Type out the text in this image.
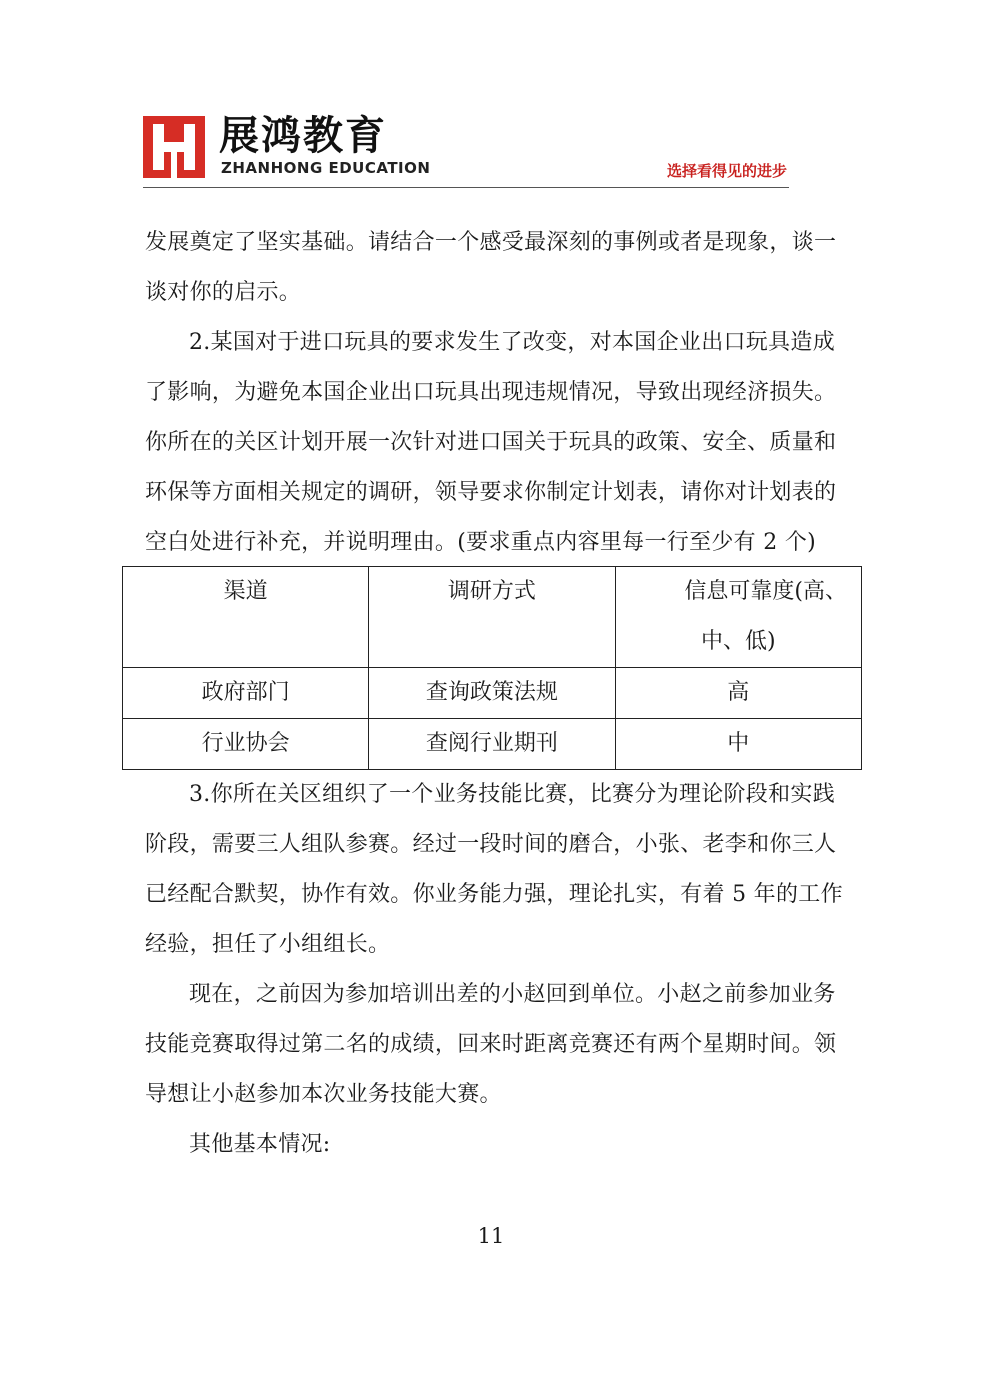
展鸿教育
ZHANHONG EDUCATION	选择看得见的进步
发展奠定了坚实基础。请结合一个感受最深刻的事例或者是现象，谈一
谈对你的启示。
2.某国对于进口玩具的要求发生了改变，对本国企业出口玩具造成
了影响，为避免本国企业出口玩具出现违规情况，导致出现经济损失。
你所在的关区计划开展一次针对进口国关于玩具的政策、安全、质量和
环保等方面相关规定的调研，领导要求你制定计划表，请你对计划表的
空白处进行补充，并说明理由。(要求重点内容里每一行至少有 2 个)
渠道	调研方式	信息可靠度(高、
中、低)

政府部门	查询政策法规	高
行业协会	查阅行业期刊	中
3.你所在关区组织了一个业务技能比赛，比赛分为理论阶段和实践
阶段，需要三人组队参赛。经过一段时间的磨合，小张、老李和你三人
已经配合默契，协作有效。你业务能力强，理论扎实，有着 5 年的工作
经验，担任了小组组长。
现在，之前因为参加培训出差的小赵回到单位。小赵之前参加业务
技能竞赛取得过第二名的成绩，回来时距离竞赛还有两个星期时间。领
导想让小赵参加本次业务技能大赛。
其他基本情况:
11
